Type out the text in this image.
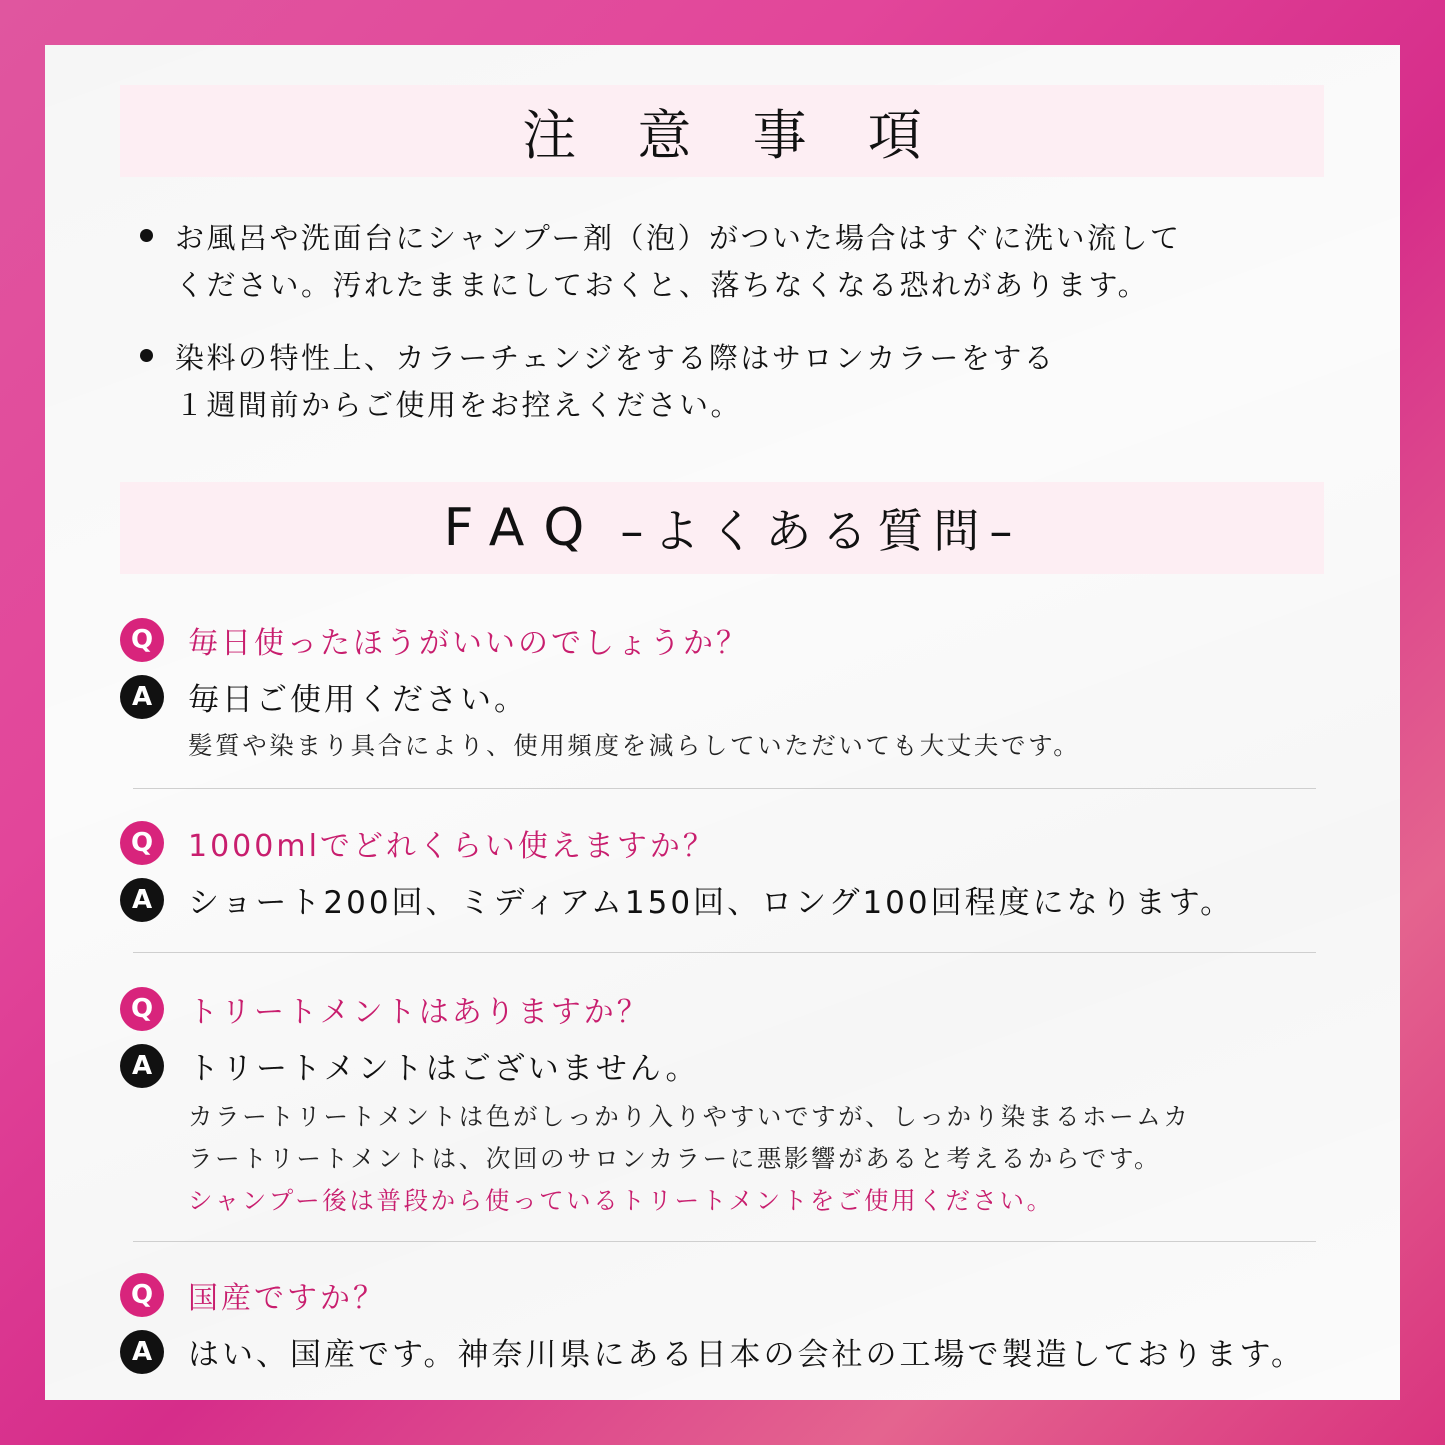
注 意 事 項
お風呂や洗面台にシャンプー剤（泡）がついた場合はすぐに洗い流して
ください。汚れたままにしておくと、落ちなくなる恐れがあります。
染料の特性上、カラーチェンジをする際はサロンカラーをする
１週間前からご使用をお控えください。
FAQ –よくある質問–
Q	毎日使ったほうがいいのでしょうか？
A	毎日ご使用ください。
髪質や染まり具合により、使用頻度を減らしていただいても大丈夫です。
Q	1000mlでどれくらい使えますか？
A	ショート200回、ミディアム150回、ロング100回程度になります。
Q	トリートメントはありますか？
A	トリートメントはございません。
カラートリートメントは色がしっかり入りやすいですが、しっかり染まるホームカ
ラートリートメントは、次回のサロンカラーに悪影響があると考えるからです。
シャンプー後は普段から使っているトリートメントをご使用ください。
Q	国産ですか？
A	はい、国産です。神奈川県にある日本の会社の工場で製造しております。
